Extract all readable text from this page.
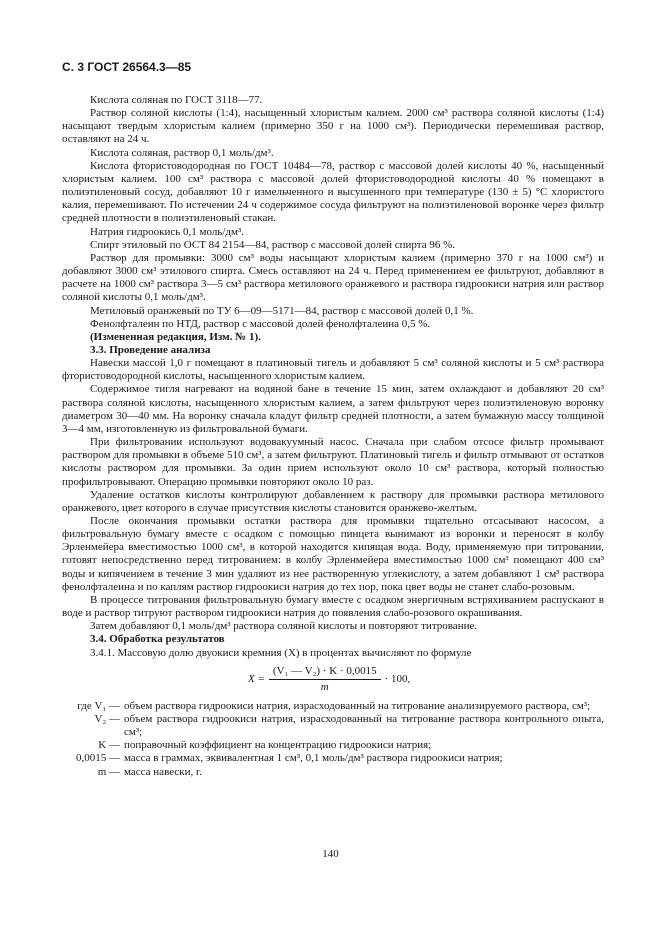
С. 3 ГОСТ 26564.3—85

Кислота соляная по ГОСТ 3118—77.

Раствор соляной кислоты (1:4), насыщенный хлористым калием. 2000 см³ раствора соляной кислоты (1:4) насыщают твердым хлористым калием (примерно 350 г на 1000 см³). Периодически перемешивая раствор, оставляют на 24 ч.

Кислота соляная, раствор 0,1 моль/дм³.

Кислота фтористоводородная по ГОСТ 10484—78, раствор с массовой долей кислоты 40 %, насыщенный хлористым калием. 100 см³ раствора с массовой долей фтористоводородной кислоты 40 % помещают в полиэтиленовый сосуд, добавляют 10 г измельченного и высушенного при температуре (130 ± 5) °С хлористого калия, перемешивают. По истечении 24 ч содержимое сосуда фильтруют на полиэтиленовой воронке через фильтр средней плотности в полиэтиленовый стакан.

Натрия гидроокись 0,1 моль/дм³.

Спирт этиловый по ОСТ 84 2154—84, раствор с массовой долей спирта 96 %.

Раствор для промывки: 3000 см³ воды насыщают хлористым калием (примерно 370 г на 1000 см³) и добавляют 3000 см³ этилового спирта. Смесь оставляют на 24 ч. Перед применением ее фильтруют, добавляют в расчете на 1000 см³ раствора 3—5 см³ раствора метилового оранжевого и раствора гидроокиси натрия или раствор соляной кислоты 0,1 моль/дм³.

Метиловый оранжевый по ТУ 6—09—5171—84, раствор с массовой долей 0,1 %.

Фенолфталеин по НТД, раствор с массовой долей фенолфталеина 0,5 %.

(Измененная редакция, Изм. № 1).

3.3. Проведение анализа

Навески массой 1,0 г помещают в платиновый тигель и добавляют 5 см³ соляной кислоты и 5 см³ раствора фтористоводородной кислоты, насыщенного хлористым калием.

Содержимое тигля нагревают на водяной бане в течение 15 мин, затем охлаждают и добавляют 20 см³ раствора соляной кислоты, насыщенного хлористым калием, а затем фильтруют через полиэтиленовую воронку диаметром 30—40 мм. На воронку сначала кладут фильтр средней плотности, а затем бумажную массу толщиной 3—4 мм, изготовленную из фильтровальной бумаги.

При фильтровании используют водовакуумный насос. Сначала при слабом отсосе фильтр промывают раствором для промывки в объеме 510 см³, а затем фильтруют. Платиновый тигель и фильтр отмывают от остатков кислоты раствором для промывки. За один прием используют около 10 см³ раствора, который полностью профильтровывают. Операцию промывки повторяют около 10 раз.

Удаление остатков кислоты контролируют добавлением к раствору для промывки раствора метилового оранжевого, цвет которого в случае присутствия кислоты становится оранжево-желтым.

После окончания промывки остатки раствора для промывки тщательно отсасывают насосом, а фильтровальную бумагу вместе с осадком с помощью пинцета вынимают из воронки и переносят в колбу Эрленмейера вместимостью 1000 см³, в которой находится кипящая вода. Воду, применяемую при титровании, готовят непосредственно перед титрованием: в колбу Эрленмейера вместимостью 1000 см³ помещают 400 см³ воды и кипячением в течение 3 мин удаляют из нее растворенную углекислоту, а затем добавляют 1 см³ раствора фенолфталеина и по каплям раствор гидроокиси натрия до тех пор, пока цвет воды не станет слабо-розовым.

В процессе титрования фильтровальную бумагу вместе с осадком энергичным встряхиванием распускают в воде и раствор титруют раствором гидроокиси натрия до появления слабо-розового окрашивания.

Затем добавляют 0,1 моль/дм³ раствора соляной кислоты и повторяют титрование.

3.4. Обработка результатов

3.4.1. Массовую долю двуокиси кремния (X) в процентах вычисляют по формуле

$X = \frac{\text{(V₁ — V₂) · K · 0,0015}}{m} \cdot 100$,
где V₁ — объем раствора гидроокиси натрия, израсходованный на титрование анализируемого раствора, см³;
V₂ — объем раствора гидроокиси натрия, израсходованный на титрование раствора контрольного опыта, см³;
K — поправочный коэффициент на концентрацию гидроокиси натрия;
0,0015 — масса в граммах, эквивалентная 1 см³, 0,1 моль/дм³ раствора гидроокиси натрия;
m — масса навески, г.
140
